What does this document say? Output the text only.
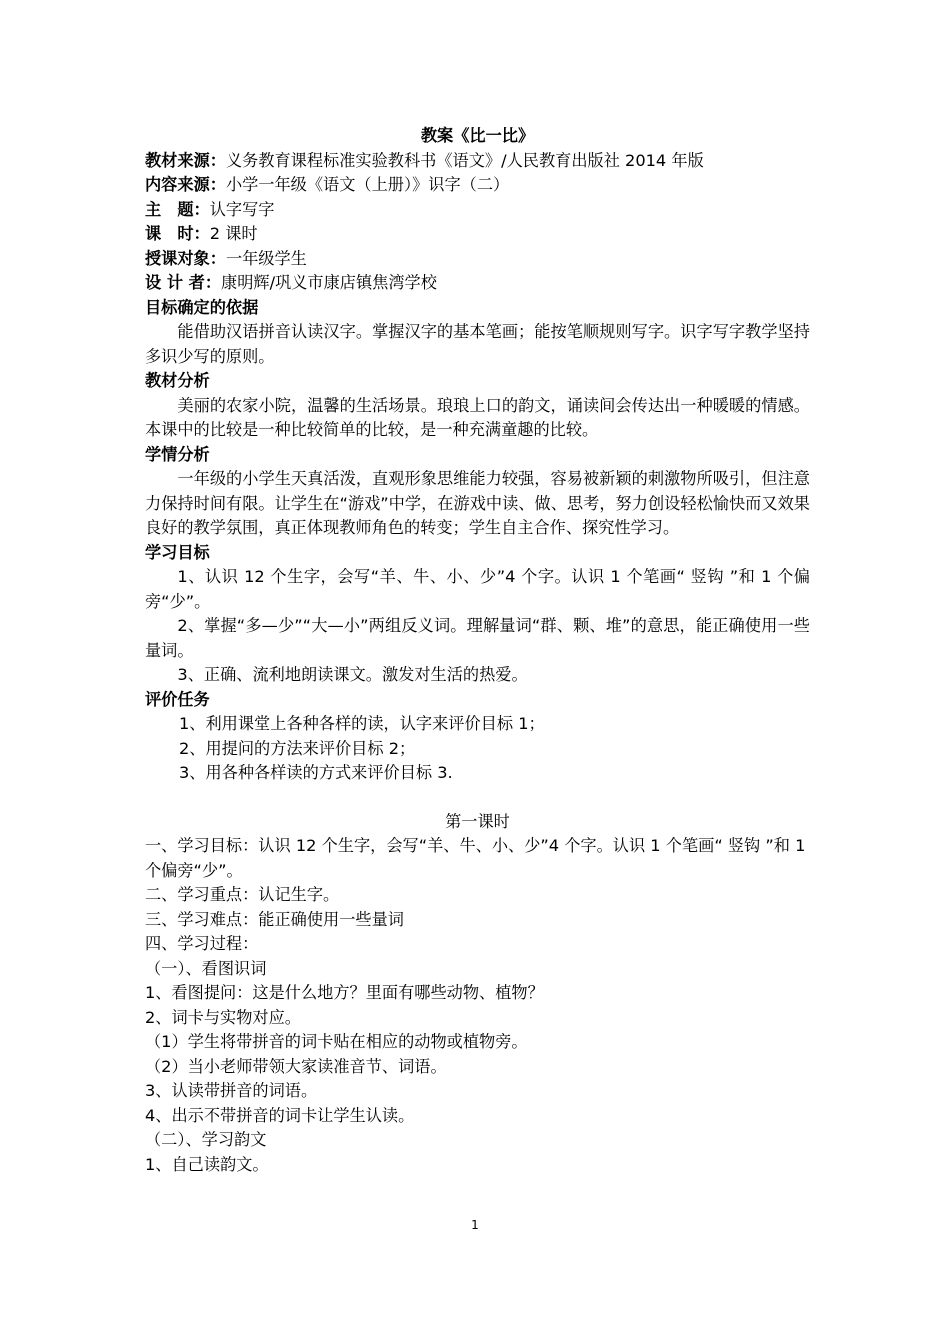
教案《比一比》
教材来源：义务教育课程标准实验教科书《语文》/人民教育出版社 2014 年版
内容来源：小学一年级《语文（上册）》识字（二）
主　题：认字写字
课　时：2 课时
授课对象：一年级学生
设 计 者：康明辉/巩义市康店镇焦湾学校
目标确定的依据
能借助汉语拼音认读汉字。掌握汉字的基本笔画；能按笔顺规则写字。识字写字教学坚持多识少写的原则。
教材分析
美丽的农家小院，温馨的生活场景。琅琅上口的韵文，诵读间会传达出一种暖暖的情感。本课中的比较是一种比较简单的比较，是一种充满童趣的比较。
学情分析
一年级的小学生天真活泼，直观形象思维能力较强，容易被新颖的刺激物所吸引，但注意力保持时间有限。让学生在“游戏”中学，在游戏中读、做、思考，努力创设轻松愉快而又效果良好的教学氛围，真正体现教师角色的转变；学生自主合作、探究性学习。
学习目标
1、认识 12 个生字，会写“羊、牛、小、少”4 个字。认识 1 个笔画“ 竖钩 ”和 1 个偏旁“少”。
2、掌握“多—少”“大—小”两组反义词。理解量词“群、颗、堆”的意思，能正确使用一些量词。
3、正确、流利地朗读课文。激发对生活的热爱。
评价任务
1、利用课堂上各种各样的读，认字来评价目标 1；
2、用提问的方法来评价目标 2；
3、用各种各样读的方式来评价目标 3.
第一课时
一、学习目标：认识 12 个生字，会写“羊、牛、小、少”4 个字。认识 1 个笔画“ 竖钩 ”和 1 个偏旁“少”。
二、学习重点：认记生字。
三、学习难点：能正确使用一些量词
四、学习过程：
（一）、看图识词
1、看图提问：这是什么地方？里面有哪些动物、植物？
2、词卡与实物对应。
（1）学生将带拼音的词卡贴在相应的动物或植物旁。
（2）当小老师带领大家读准音节、词语。
3、认读带拼音的词语。
4、出示不带拼音的词卡让学生认读。
（二）、学习韵文
1、自己读韵文。
1
